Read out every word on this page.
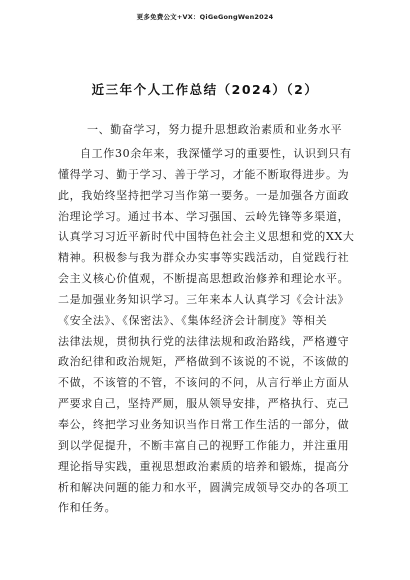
更多免费公文+VX：QiGeGongWen2024
近三年个人工作总结（2024）（2）
一、勤奋学习，努力提升思想政治素质和业务水平
自工作30余年来，我深懂学习的重要性，认识到只有
懂得学习、勤于学习、善于学习，才能不断取得进步。为
此，我始终坚持把学习当作第一要务。一是加强各方面政
治理论学习。通过书本、学习强国、云岭先锋等多渠道，
认真学习习近平新时代中国特色社会主义思想和党的XX大
精神。积极参与我为群众办实事等实践活动，自觉践行社
会主义核心价值观，不断提高思想政治修养和理论水平。
二是加强业务知识学习。三年来本人认真学习《会计法》
《安全法》、《保密法》、《集体经济会计制度》等相关
法律法规，贯彻执行党的法律法规和政治路线，严格遵守
政治纪律和政治规矩，严格做到不该说的不说，不该做的
不做，不该管的不管，不该问的不问，从言行举止方面从
严要求自己，坚持严厕，服从领导安排，严格执行、克己
奉公，终把学习业务知识当作日常工作生活的一部分，做
到以学促提升，不断丰富自己的视野工作能力，并注重用
理论指导实践，重视思想政治素质的培养和锻炼，提高分
析和解决问题的能力和水平，圆满完成领导交办的各项工
作和任务。
